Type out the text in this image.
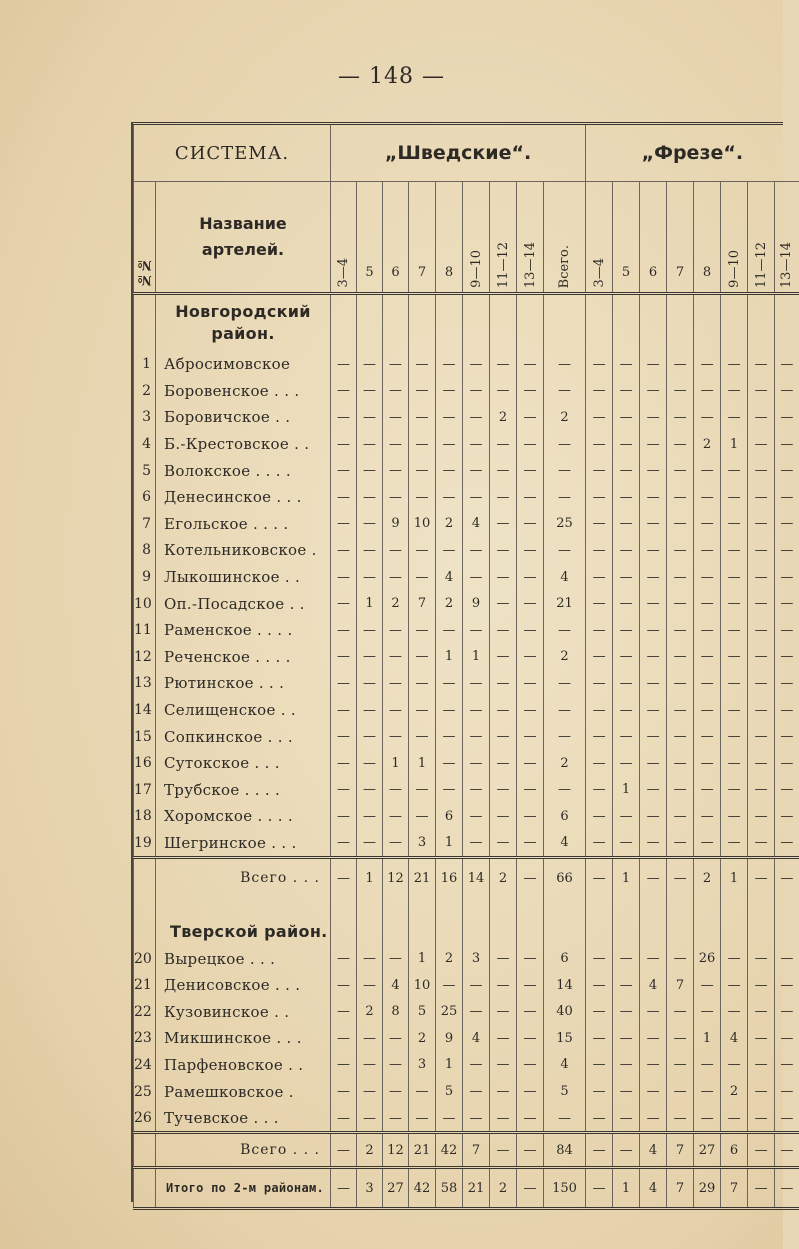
— 148 —
СИСТЕМА.		„Шведские“.									„Фрезе“.							
№№	Название
артелей.	3—4	5	6	7	8	9—10	11—12	13—14	Всего.	3—4	5	6	7	8	9—10	11—12	13—14
	Новгородский район.																	
1	Абросимовское	—	—	—	—	—	—	—	—	—	—	—	—	—	—	—	—	—
2	Боровенское . . .	—	—	—	—	—	—	—	—	—	—	—	—	—	—	—	—	—
3	Боровичское . .	—	—	—	—	—	—	2	—	2	—	—	—	—	—	—	—	—
4	Б.-Крестовское . .	—	—	—	—	—	—	—	—	—	—	—	—	—	2	1	—	—
5	Волокское . . . .	—	—	—	—	—	—	—	—	—	—	—	—	—	—	—	—	—
6	Денесинское . . .	—	—	—	—	—	—	—	—	—	—	—	—	—	—	—	—	—
7	Егольское . . . .	—	—	9	10	2	4	—	—	25	—	—	—	—	—	—	—	—
8	Котельниковское .	—	—	—	—	—	—	—	—	—	—	—	—	—	—	—	—	—
9	Лыкошинское . .	—	—	—	—	4	—	—	—	4	—	—	—	—	—	—	—	—
10	Оп.-Посадское . .	—	1	2	7	2	9	—	—	21	—	—	—	—	—	—	—	—
11	Раменское . . . .	—	—	—	—	—	—	—	—	—	—	—	—	—	—	—	—	—
12	Реченское . . . .	—	—	—	—	1	1	—	—	2	—	—	—	—	—	—	—	—
13	Рютинское . . .	—	—	—	—	—	—	—	—	—	—	—	—	—	—	—	—	—
14	Селищенское . .	—	—	—	—	—	—	—	—	—	—	—	—	—	—	—	—	—
15	Сопкинское . . .	—	—	—	—	—	—	—	—	—	—	—	—	—	—	—	—	—
16	Сутокское . . .	—	—	1	1	—	—	—	—	2	—	—	—	—	—	—	—	—
17	Трубское . . . .	—	—	—	—	—	—	—	—	—	—	1	—	—	—	—	—	—
18	Хоромское . . . .	—	—	—	—	6	—	—	—	6	—	—	—	—	—	—	—	—
19	Шегринское . . .	—	—	—	3	1	—	—	—	4	—	—	—	—	—	—	—	—
	Всего . . .	—	1	12	21	16	14	2	—	66	—	1	—	—	2	1	—	—
	Тверской район.																	
20	Вырецкое . . .	—	—	—	1	2	3	—	—	6	—	—	—	—	26	—	—	—
21	Денисовское . . .	—	—	4	10	—	—	—	—	14	—	—	4	7	—	—	—	—
22	Кузовинское . .	—	2	8	5	25	—	—	—	40	—	—	—	—	—	—	—	—
23	Микшинское . . .	—	—	—	2	9	4	—	—	15	—	—	—	—	1	4	—	—
24	Парфеновское . .	—	—	—	3	1	—	—	—	4	—	—	—	—	—	—	—	—
25	Рамешковское .	—	—	—	—	5	—	—	—	5	—	—	—	—	—	2	—	—
26	Тучевское . . .	—	—	—	—	—	—	—	—	—	—	—	—	—	—	—	—	—
	Всего . . .	—	2	12	21	42	7	—	—	84	—	—	4	7	27	6	—	—
	Итого по 2-м районам.	—	3	27	42	58	21	2	—	150	—	1	4	7	29	7	—	—
